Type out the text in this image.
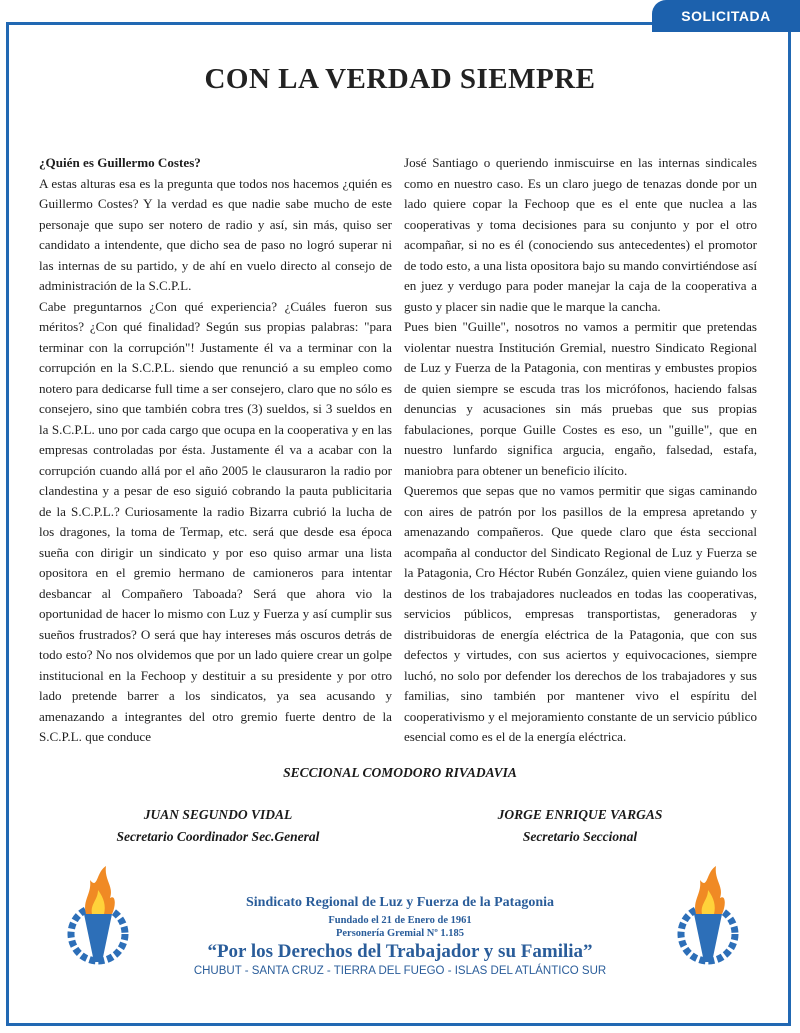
SOLICITADA
CON LA VERDAD SIEMPRE

¿Quién es Guillermo Costes?

A estas alturas esa es la pregunta que todos nos hacemos ¿quién es Guillermo Costes? Y la verdad es que nadie sabe mucho de este personaje que supo ser notero de radio y así, sin más, quiso ser candidato a intendente, que dicho sea de paso no logró superar ni las internas de su partido, y de ahí en vuelo directo al consejo de administración de la S.C.P.L.

Cabe preguntarnos ¿Con qué experiencia? ¿Cuáles fueron sus méritos? ¿Con qué finalidad? Según sus propias palabras: "para terminar con la corrupción"! Justamente él va a terminar con la corrupción en la S.C.P.L. siendo que renunció a su empleo como notero para dedicarse full time a ser consejero, claro que no sólo es consejero, sino que también cobra tres (3) sueldos, si 3 sueldos en la S.C.P.L. uno por cada cargo que ocupa en la cooperativa y en las empresas controladas por ésta. Justamente él va a acabar con la corrupción cuando allá por el año 2005 le clausuraron la radio por clandestina y a pesar de eso siguió cobrando la pauta publicitaria de la S.C.P.L.? Curiosamente la radio Bizarra cubrió la lucha de los dragones, la toma de Termap, etc. será que desde esa época sueña con dirigir un sindicato y por eso quiso armar una lista opositora en el gremio hermano de camioneros para intentar desbancar al Compañero Taboada? Será que ahora vio la oportunidad de hacer lo mismo con Luz y Fuerza y así cumplir sus sueños frustrados? O será que hay intereses más oscuros detrás de todo esto? No nos olvidemos que por un lado quiere crear un golpe institucional en la Fechoop y destituir a su presidente y por otro lado pretende barrer a los sindicatos, ya sea acusando y amenazando a integrantes del otro gremio fuerte dentro de la S.C.P.L. que conduce

José Santiago o queriendo inmiscuirse en las internas sindicales como en nuestro caso. Es un claro juego de tenazas donde por un lado quiere copar la Fechoop que es el ente que nuclea a las cooperativas y toma decisiones para su conjunto y por el otro acompañar, si no es él (conociendo sus antecedentes) el promotor de todo esto, a una lista opositora bajo su mando convirtiéndose así en juez y verdugo para poder manejar la caja de la cooperativa a gusto y placer sin nadie que le marque la cancha.

Pues bien "Guille", nosotros no vamos a permitir que pretendas violentar nuestra Institución Gremial, nuestro Sindicato Regional de Luz y Fuerza de la Patagonia, con mentiras y embustes propios de quien siempre se escuda tras los micrófonos, haciendo falsas denuncias y acusaciones sin más pruebas que sus propias fabulaciones, porque Guille Costes es eso, un "guille", que en nuestro lunfardo significa argucia, engaño, falsedad, estafa, maniobra para obtener un beneficio ilícito.

Queremos que sepas que no vamos permitir que sigas caminando con aires de patrón por los pasillos de la empresa apretando y amenazando compañeros. Que quede claro que ésta seccional acompaña al conductor del Sindicato Regional de Luz y Fuerza se la Patagonia, Cro Héctor Rubén González, quien viene guiando los destinos de los trabajadores nucleados en todas las cooperativas, servicios públicos, empresas transportistas, generadoras y distribuidoras de energía eléctrica de la Patagonia, que con sus defectos y virtudes, con sus aciertos y equivocaciones, siempre luchó, no solo por defender los derechos de los trabajadores y sus familias, sino también por mantener vivo el espíritu del cooperativismo y el mejoramiento constante de un servicio público esencial como es el de la energía eléctrica.

SECCIONAL COMODORO RIVADAVIA
JUAN SEGUNDO VIDAL
Secretario Coordinador Sec.General
JORGE ENRIQUE VARGAS
Secretario Seccional
Sindicato Regional de Luz y Fuerza de la Patagonia
Fundado el 21 de Enero de 1961
Personería Gremial Nº 1.185
“Por los Derechos del Trabajador y su Familia”
CHUBUT - SANTA CRUZ - TIERRA DEL FUEGO - ISLAS DEL ATLÁNTICO SUR
